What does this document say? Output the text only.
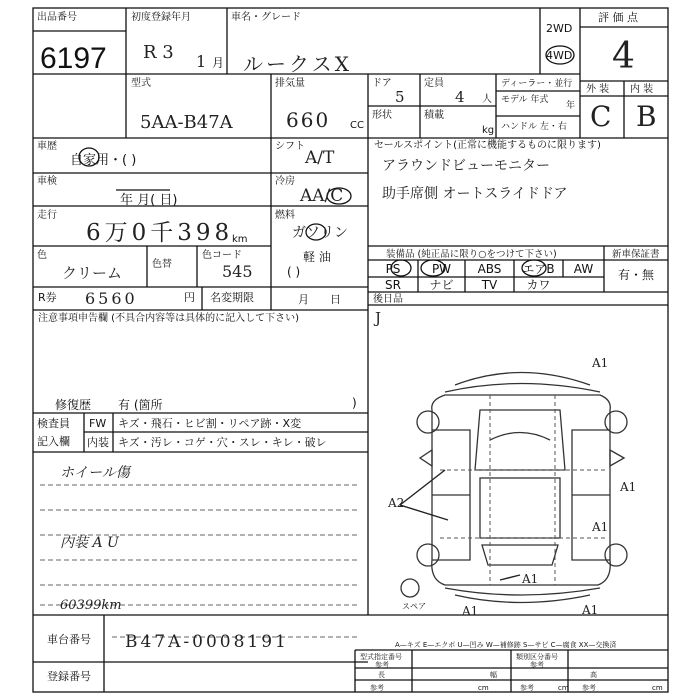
出品番号
6197
初度登録年月
R 3 1 月
車名・グレード
ルークスX
2WD
4WD
評 価 点
4
外 装 内 装
C B
型式
5AA-B47A
排気量
660 CC
ドア
5
定員
4 人
形状	積載
kg
ディーラー・並行
モデル 年式
年
ハンドル 左・右
車歴
自家用・( )
シフト
A/T
車検
年 月( 日)
冷房
AA/C
走行
6万0千398
km
燃料
ガソリン
軽 油
( )
色
クリーム	色替
色コード
545
R券 6560	円 名変期限	月      日
注意事項申告欄 (不具合内容等は具体的に記入して下さい)
修復歴 有 (箇所	)
検査員
記入欄
FW キズ・飛石・ヒビ割・リペア跡・X変
内装 キズ・汚レ・コゲ・穴・スレ・キレ・破レ
ホイール傷
内装 A U
60399km
セールスポイント(正常に機能するものに限ります)
アラウンドビューモニター
助手席側 オートスライドドア
装備品 (純正品に限り○をつけて下さい)	新車保証書
PS	PW	ABS	エアB	AW
SR	ナビ	TV	カワ
有・無
後日品
J
A1
A2
A1
A1
A1
A1	A1
スペア
A—キズ E—エクボ U—凹み W—補修跡 S—サビ C—腐食 XX—交換済
車台番号 B47A-0008191
登録番号
型式指定番号
参考
類別区分番号
参考
長	幅	高
参考	cm	参考	cm 参考	cm
